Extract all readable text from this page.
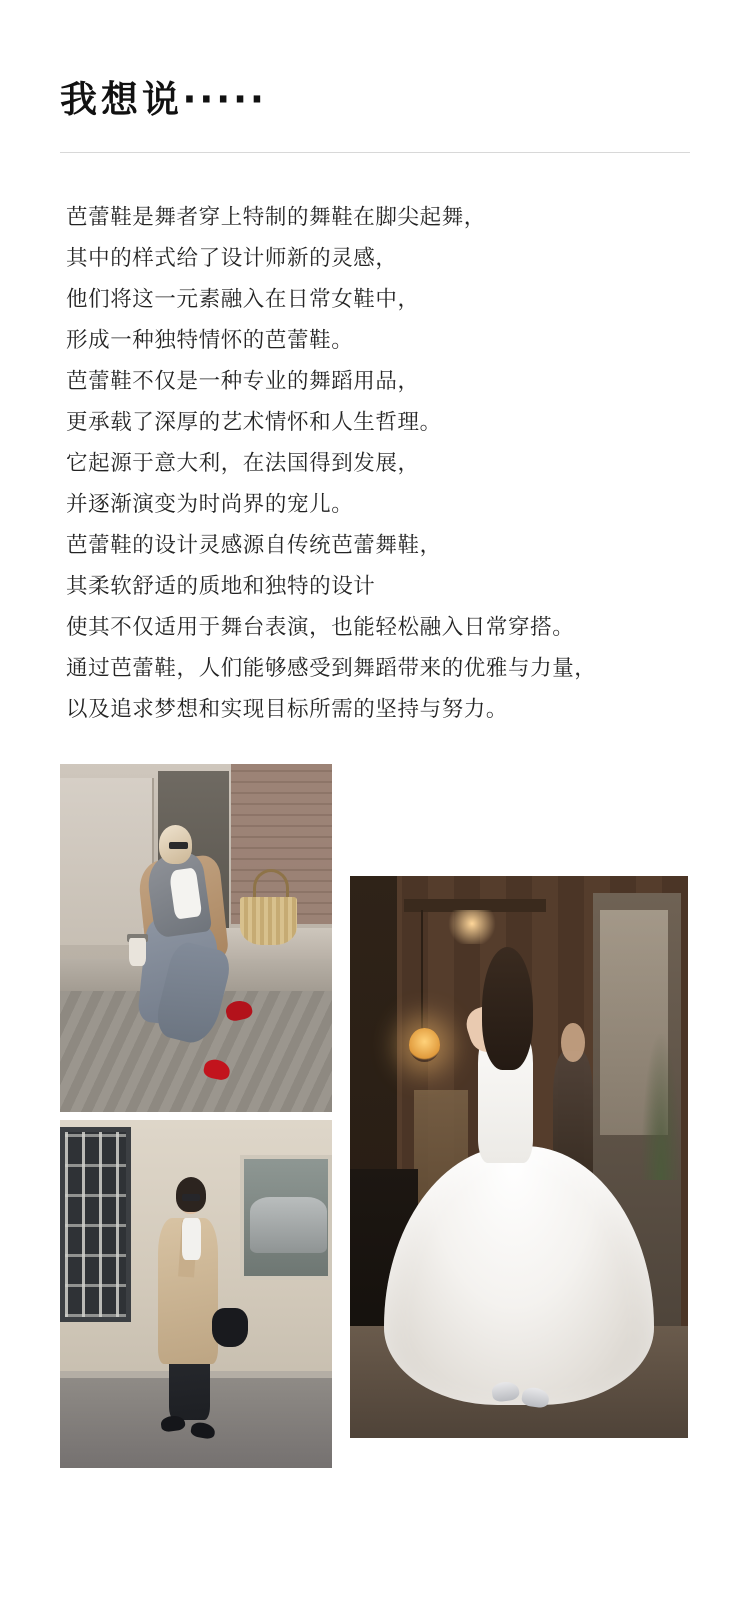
我想说‧‧‧‧‧

芭蕾鞋是舞者穿上特制的舞鞋在脚尖起舞，

其中的样式给了设计师新的灵感，

他们将这一元素融入在日常女鞋中，

形成一种独特情怀的芭蕾鞋。

芭蕾鞋不仅是一种专业的舞蹈用品，

更承载了深厚的艺术情怀和人生哲理。

它起源于意大利，在法国得到发展，

并逐渐演变为时尚界的宠儿。

芭蕾鞋的设计灵感源自传统芭蕾舞鞋，

其柔软舒适的质地和独特的设计

使其不仅适用于舞台表演，也能轻松融入日常穿搭。

通过芭蕾鞋，人们能够感受到舞蹈带来的优雅与力量，

以及追求梦想和实现目标所需的坚持与努力。
